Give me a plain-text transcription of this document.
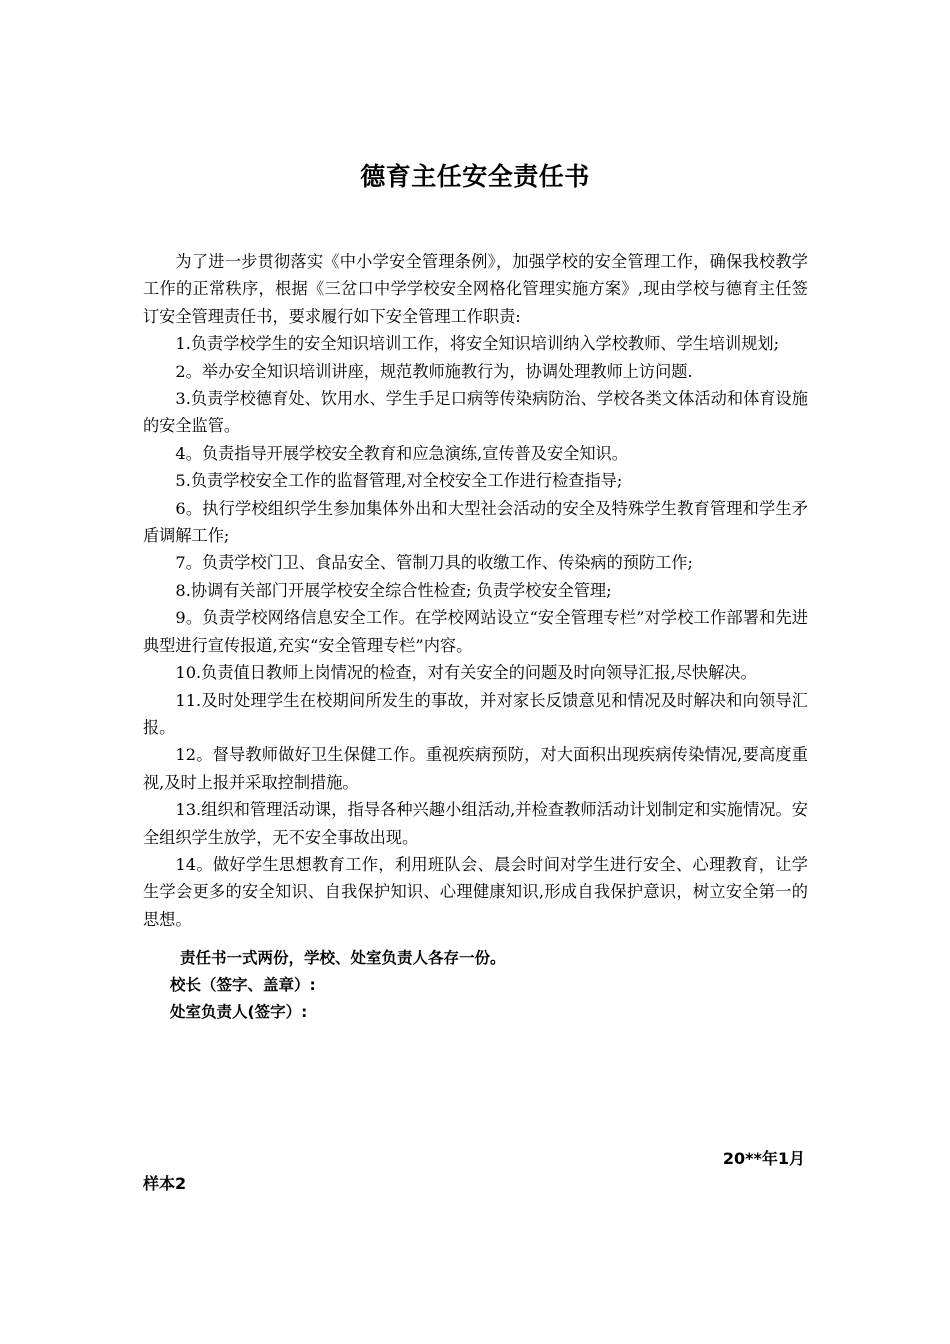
德育主任安全责任书

为了进一步贯彻落实《中小学安全管理条例》，加强学校的安全管理工作，确保我校教学工作的正常秩序，根据《三岔口中学学校安全网格化管理实施方案》,现由学校与德育主任签订安全管理责任书，要求履行如下安全管理工作职责:

1.负责学校学生的安全知识培训工作，将安全知识培训纳入学校教师、学生培训规划;

2。举办安全知识培训讲座，规范教师施教行为，协调处理教师上访问题.

3.负责学校德育处、饮用水、学生手足口病等传染病防治、学校各类文体活动和体育设施的安全监管。

4。负责指导开展学校安全教育和应急演练,宣传普及安全知识。

5.负责学校安全工作的监督管理,对全校安全工作进行检查指导;

6。执行学校组织学生参加集体外出和大型社会活动的安全及特殊学生教育管理和学生矛盾调解工作;

7。负责学校门卫、食品安全、管制刀具的收缴工作、传染病的预防工作;

8.协调有关部门开展学校安全综合性检查; 负责学校安全管理;

9。负责学校网络信息安全工作。在学校网站设立“安全管理专栏”对学校工作部署和先进典型进行宣传报道,充实“安全管理专栏”内容。

10.负责值日教师上岗情况的检查，对有关安全的问题及时向领导汇报,尽快解决。

11.及时处理学生在校期间所发生的事故，并对家长反馈意见和情况及时解决和向领导汇报。

12。督导教师做好卫生保健工作。重视疾病预防，对大面积出现疾病传染情况,要高度重视,及时上报并采取控制措施。

13.组织和管理活动课，指导各种兴趣小组活动,并检查教师活动计划制定和实施情况。安全组织学生放学，无不安全事故出现。

14。做好学生思想教育工作，利用班队会、晨会时间对学生进行安全、心理教育，让学生学会更多的安全知识、自我保护知识、心理健康知识,形成自我保护意识，树立安全第一的思想。

责任书一式两份，学校、处室负责人各存一份。
校长（签字、盖章）:
处室负责人(签字）:
20**年1月
样本2
